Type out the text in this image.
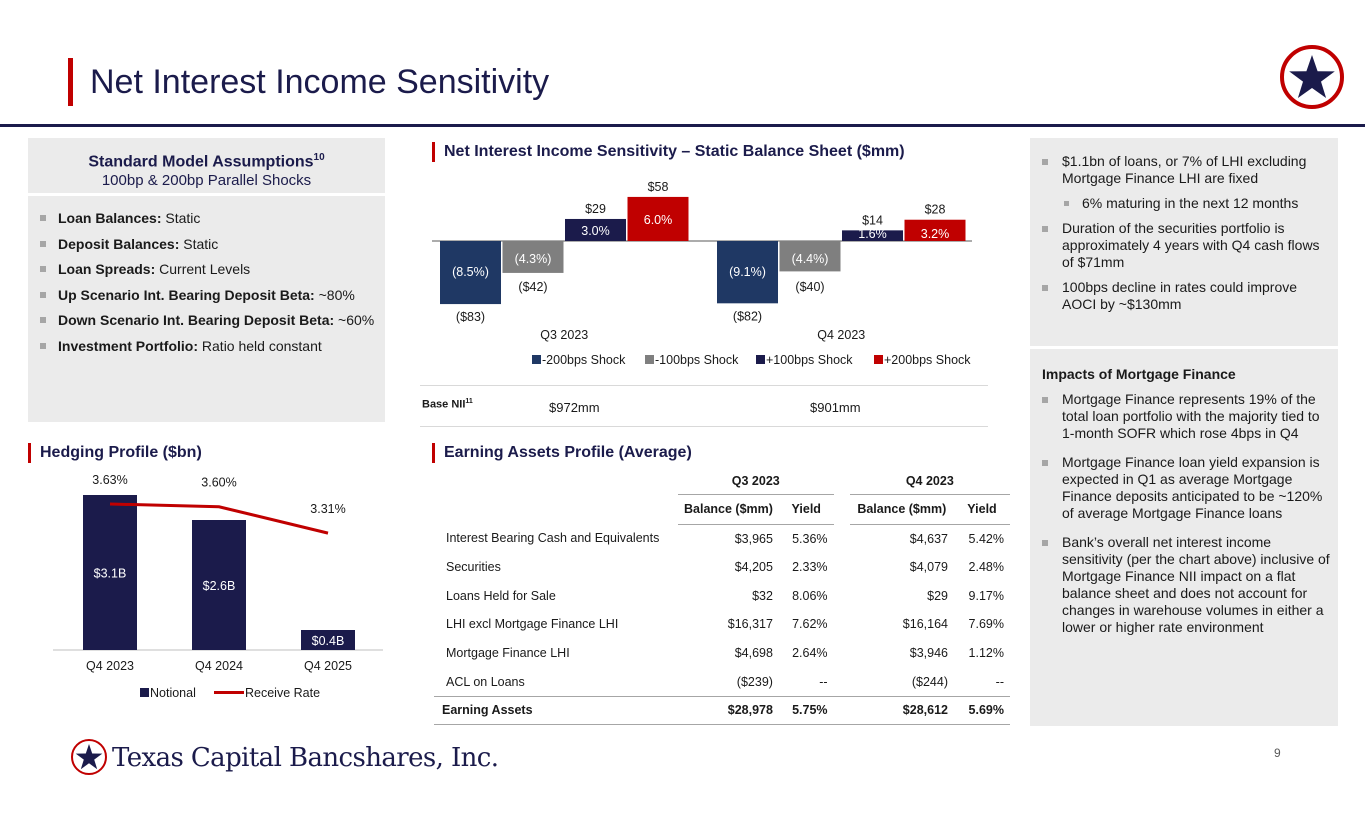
Net Interest Income Sensitivity
Standard Model Assumptions$^{10}$
100bp & 200bp Parallel Shocks
Loan Balances: Static
Deposit Balances: Static
Loan Spreads: Current Levels
Up Scenario Int. Bearing Deposit Beta: ~80%
Down Scenario Int. Bearing Deposit Beta: ~60%
Investment Portfolio: Ratio held constant
Net Interest Income Sensitivity – Static Balance Sheet ($mm)
(8.5%)
($83)
(4.3%)
($42)
3.0%
$29
6.0%
$58
Q3 2023
(9.1%)
($82)
(4.4%)
($40)
1.6%
$14
3.2%
$28
Q4 2023
-200bps Shock -100bps Shock +100bps Shock	+200bps Shock
Base NII$^{11}$	$972mm	$901mm
Hedging Profile ($bn)
$3.1B
Q4 2023
3.63%
$2.6B
Q4 2024
3.60%
$0.4B
Q4 2025
3.31%
Notional	Receive Rate
Earning Assets Profile (Average)
	Q3 2023			Q4 2023	
	Balance ($mm)	Yield		Balance ($mm)	Yield
Interest Bearing Cash and Equivalents	$3,965	5.36%		$4,637	5.42%
Securities	$4,205	2.33%		$4,079	2.48%
Loans Held for Sale	$32	8.06%		$29	9.17%
LHI excl Mortgage Finance LHI	$16,317	7.62%		$16,164	7.69%
Mortgage Finance LHI	$4,698	2.64%		$3,946	1.12%
ACL on Loans	($239)	--		($244)	--
Earning Assets	$28,978	5.75%		$28,612	5.69%
$1.1bn of loans, or 7% of LHI excluding Mortgage Finance LHI are fixed
6% maturing in the next 12 months
Duration of the securities portfolio is approximately 4 years with Q4 cash flows of $71mm
100bps decline in rates could improve AOCI by ~$130mm
Impacts of Mortgage Finance
Mortgage Finance represents 19% of the total loan portfolio with the majority tied to 1-month SOFR which rose 4bps in Q4
Mortgage Finance loan yield expansion is expected in Q1 as average Mortgage Finance deposits anticipated to be ~120% of average Mortgage Finance loans
Bank’s overall net interest income sensitivity (per the chart above) inclusive of Mortgage Finance NII impact on a flat balance sheet and does not account for changes in warehouse volumes in either a lower or higher rate environment
Texas Capital Bancshares, Inc.	9
